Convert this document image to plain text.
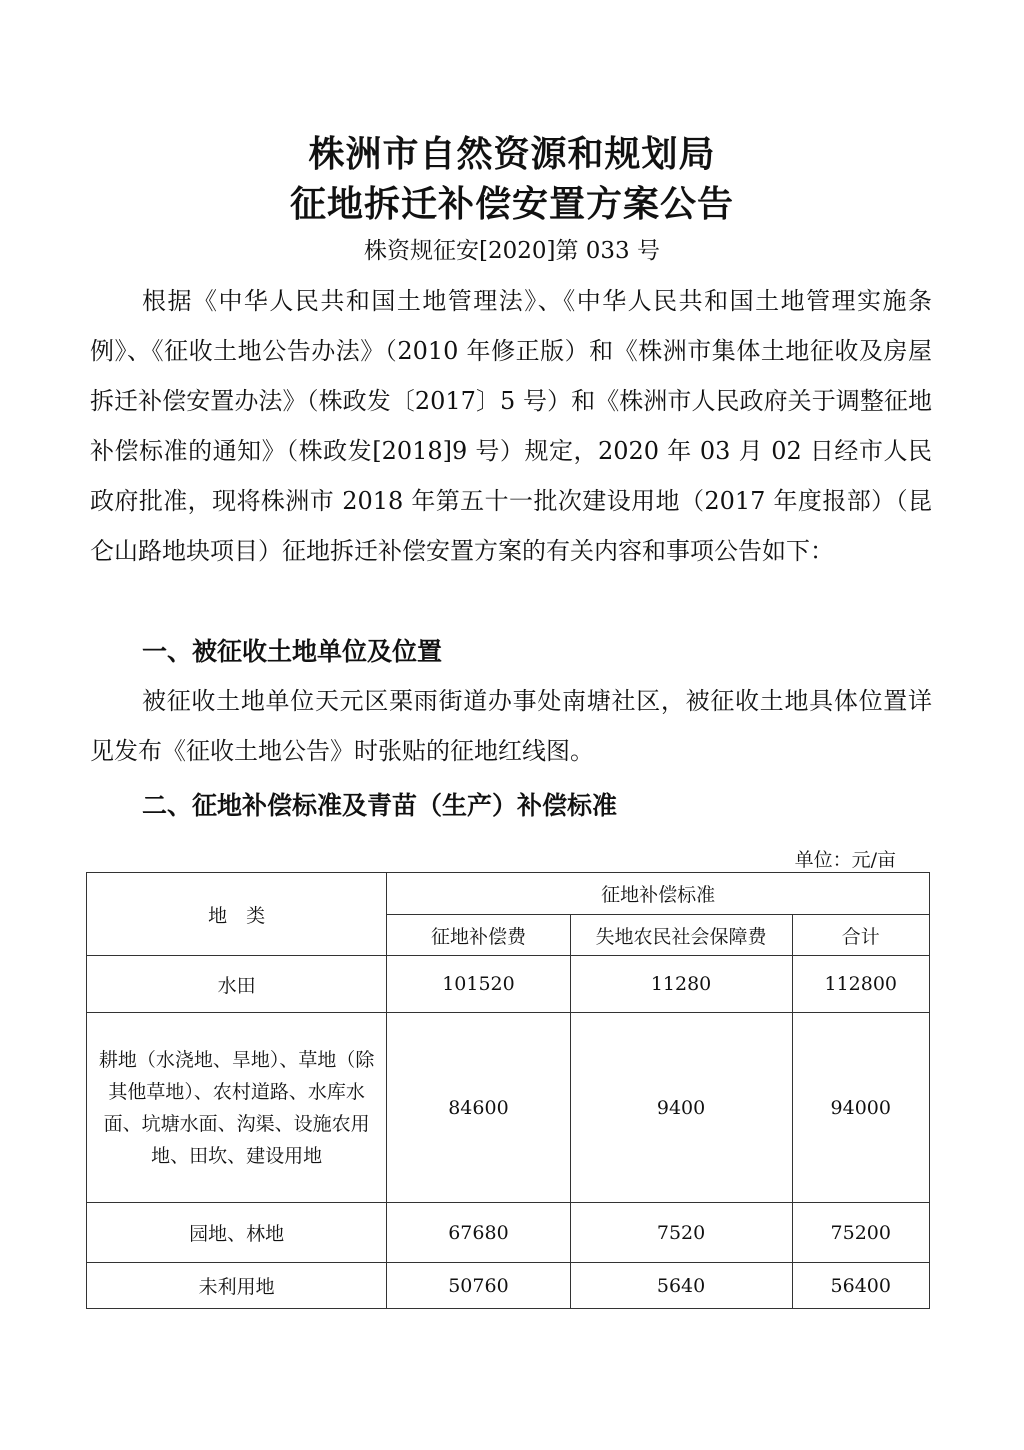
株洲市自然资源和规划局
征地拆迁补偿安置方案公告

株资规征安[2020]第 033 号

根据《中华人民共和国土地管理法》、《中华人民共和国土地管理实施条例》、《征收土地公告办法》（2010 年修正版）和《株洲市集体土地征收及房屋拆迁补偿安置办法》（株政发〔2017〕5 号）和《株洲市人民政府关于调整征地补偿标准的通知》（株政发[2018]9 号）规定，2020 年 03 月 02 日经市人民政府批准，现将株洲市 2018 年第五十一批次建设用地（2017 年度报部）（昆仑山路地块项目）征地拆迁补偿安置方案的有关内容和事项公告如下：

一、被征收土地单位及位置

被征收土地单位天元区栗雨街道办事处南塘社区，被征收土地具体位置详见发布《征收土地公告》时张贴的征地红线图。

二、征地补偿标准及青苗（生产）补偿标准

单位：元/亩

地　类	征地补偿标准		
	征地补偿费	失地农民社会保障费	合计
水田	101520	11280	112800
耕地（水浇地、旱地）、草地（除其他草地）、农村道路、水库水面、坑塘水面、沟渠、设施农用地、田坎、建设用地	84600	9400	94000
园地、林地	67680	7520	75200
未利用地	50760	5640	56400
